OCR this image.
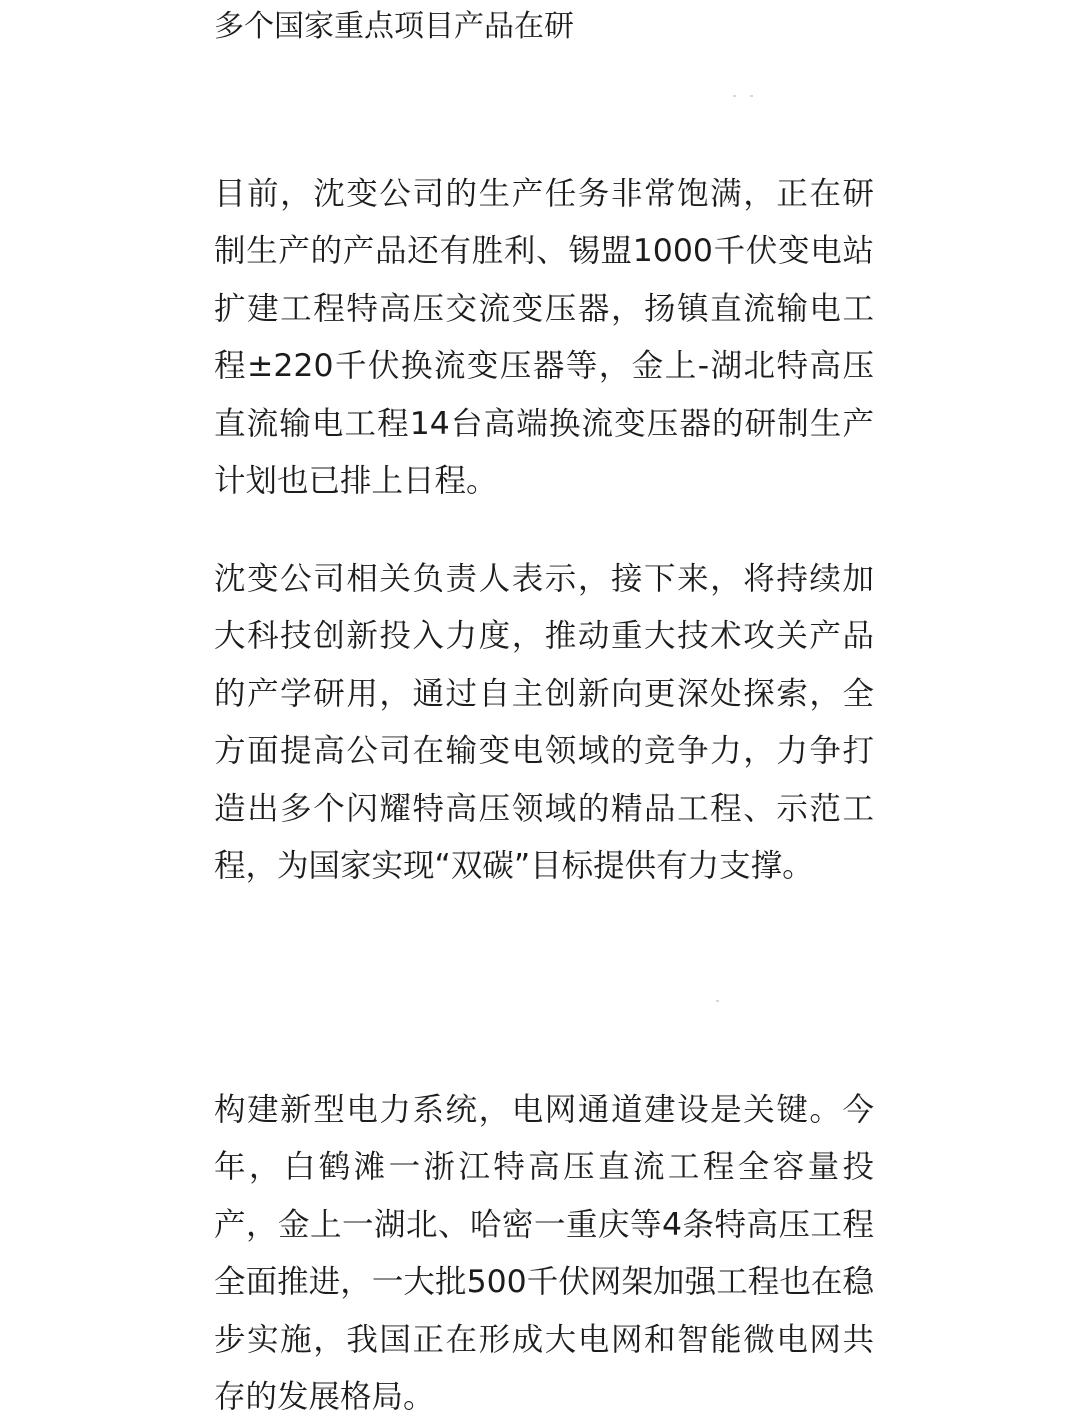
多个国家重点项目产品在研

目前，沈变公司的生产任务非常饱满，正在研制生产的产品还有胜利、锡盟1000千伏变电站扩建工程特高压交流变压器，扬镇直流输电工程±220千伏换流变压器等，金上-湖北特高压直流输电工程14台高端换流变压器的研制生产计划也已排上日程。

沈变公司相关负责人表示，接下来，将持续加大科技创新投入力度，推动重大技术攻关产品的产学研用，通过自主创新向更深处探索，全方面提高公司在输变电领域的竞争力，力争打造出多个闪耀特高压领域的精品工程、示范工程，为国家实现“双碳”目标提供有力支撑。

构建新型电力系统，电网通道建设是关键。今年，白鹤滩一浙江特高压直流工程全容量投产，金上一湖北、哈密一重庆等4条特高压工程全面推进，一大批500千伏网架加强工程也在稳步实施，我国正在形成大电网和智能微电网共存的发展格局。
